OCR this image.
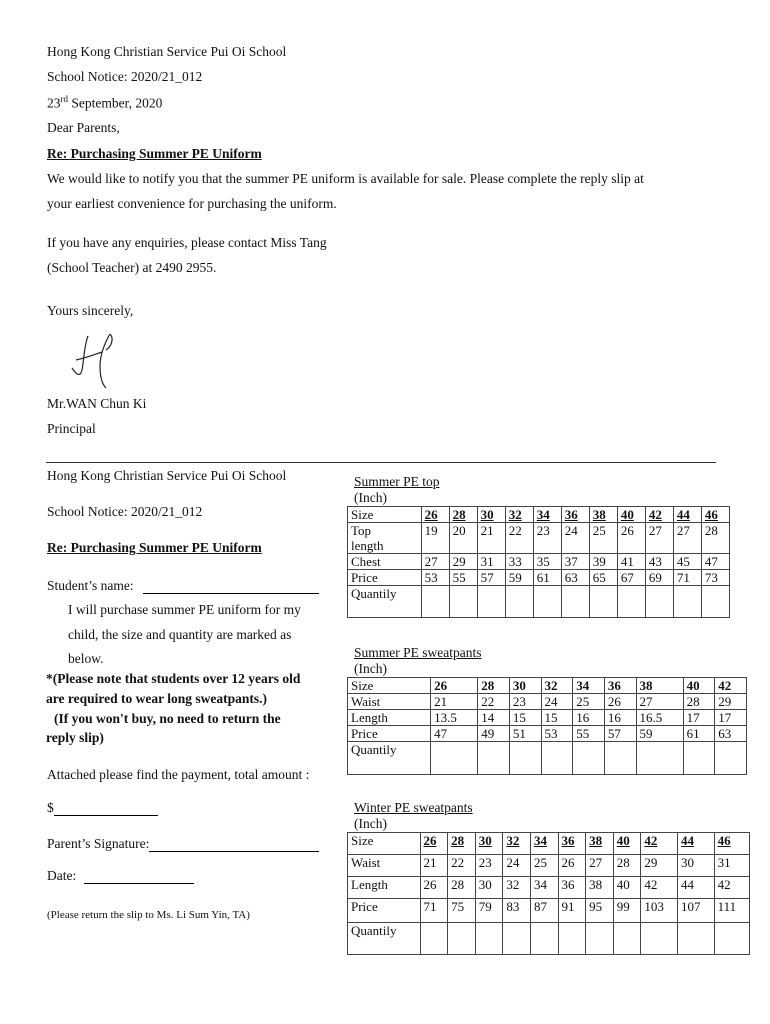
Hong Kong Christian Service Pui Oi School
School Notice: 2020/21_012
23rd September, 2020
Dear Parents,
Re: Purchasing Summer PE Uniform
We would like to notify you that the summer PE uniform is available for sale. Please complete the reply slip at
your earliest convenience for purchasing the uniform.
If you have any enquiries, please contact Miss Tang
(School Teacher) at 2490 2955.
Yours sincerely,
Mr.WAN Chun Ki
Principal
Hong Kong Christian Service Pui Oi School
School Notice: 2020/21_012
Re: Purchasing Summer PE Uniform
Student’s name:
I will purchase summer PE uniform for my
child, the size and quantity are marked as
below.
*(Please note that students over 12 years old
are required to wear long sweatpants.)
(If you won't buy, no need to return the
reply slip)
Attached please find the payment, total amount :
$
Parent’s Signature:
Date:
(Please return the slip to Ms. Li Sum Yin, TA)
Summer PE top
(Inch)
Size	26	28	30	32	34	36	38	40	42	44	46
Top
length	19	20	21	22	23	24	25	26	27	27	28
Chest	27	29	31	33	35	37	39	41	43	45	47
Price	53	55	57	59	61	63	65	67	69	71	73
Quantily											
Summer PE sweatpants
(Inch)
Size	26	28	30	32	34	36	38	40	42
Waist	21	22	23	24	25	26	27	28	29
Length	13.5	14	15	15	16	16	16.5	17	17
Price	47	49	51	53	55	57	59	61	63
Quantily									
Winter PE sweatpants
(Inch)
Size	26	28	30	32	34	36	38	40	42	44	46
Waist	21	22	23	24	25	26	27	28	29	30	31
Length	26	28	30	32	34	36	38	40	42	44	42
Price	71	75	79	83	87	91	95	99	103	107	111
Quantily											
